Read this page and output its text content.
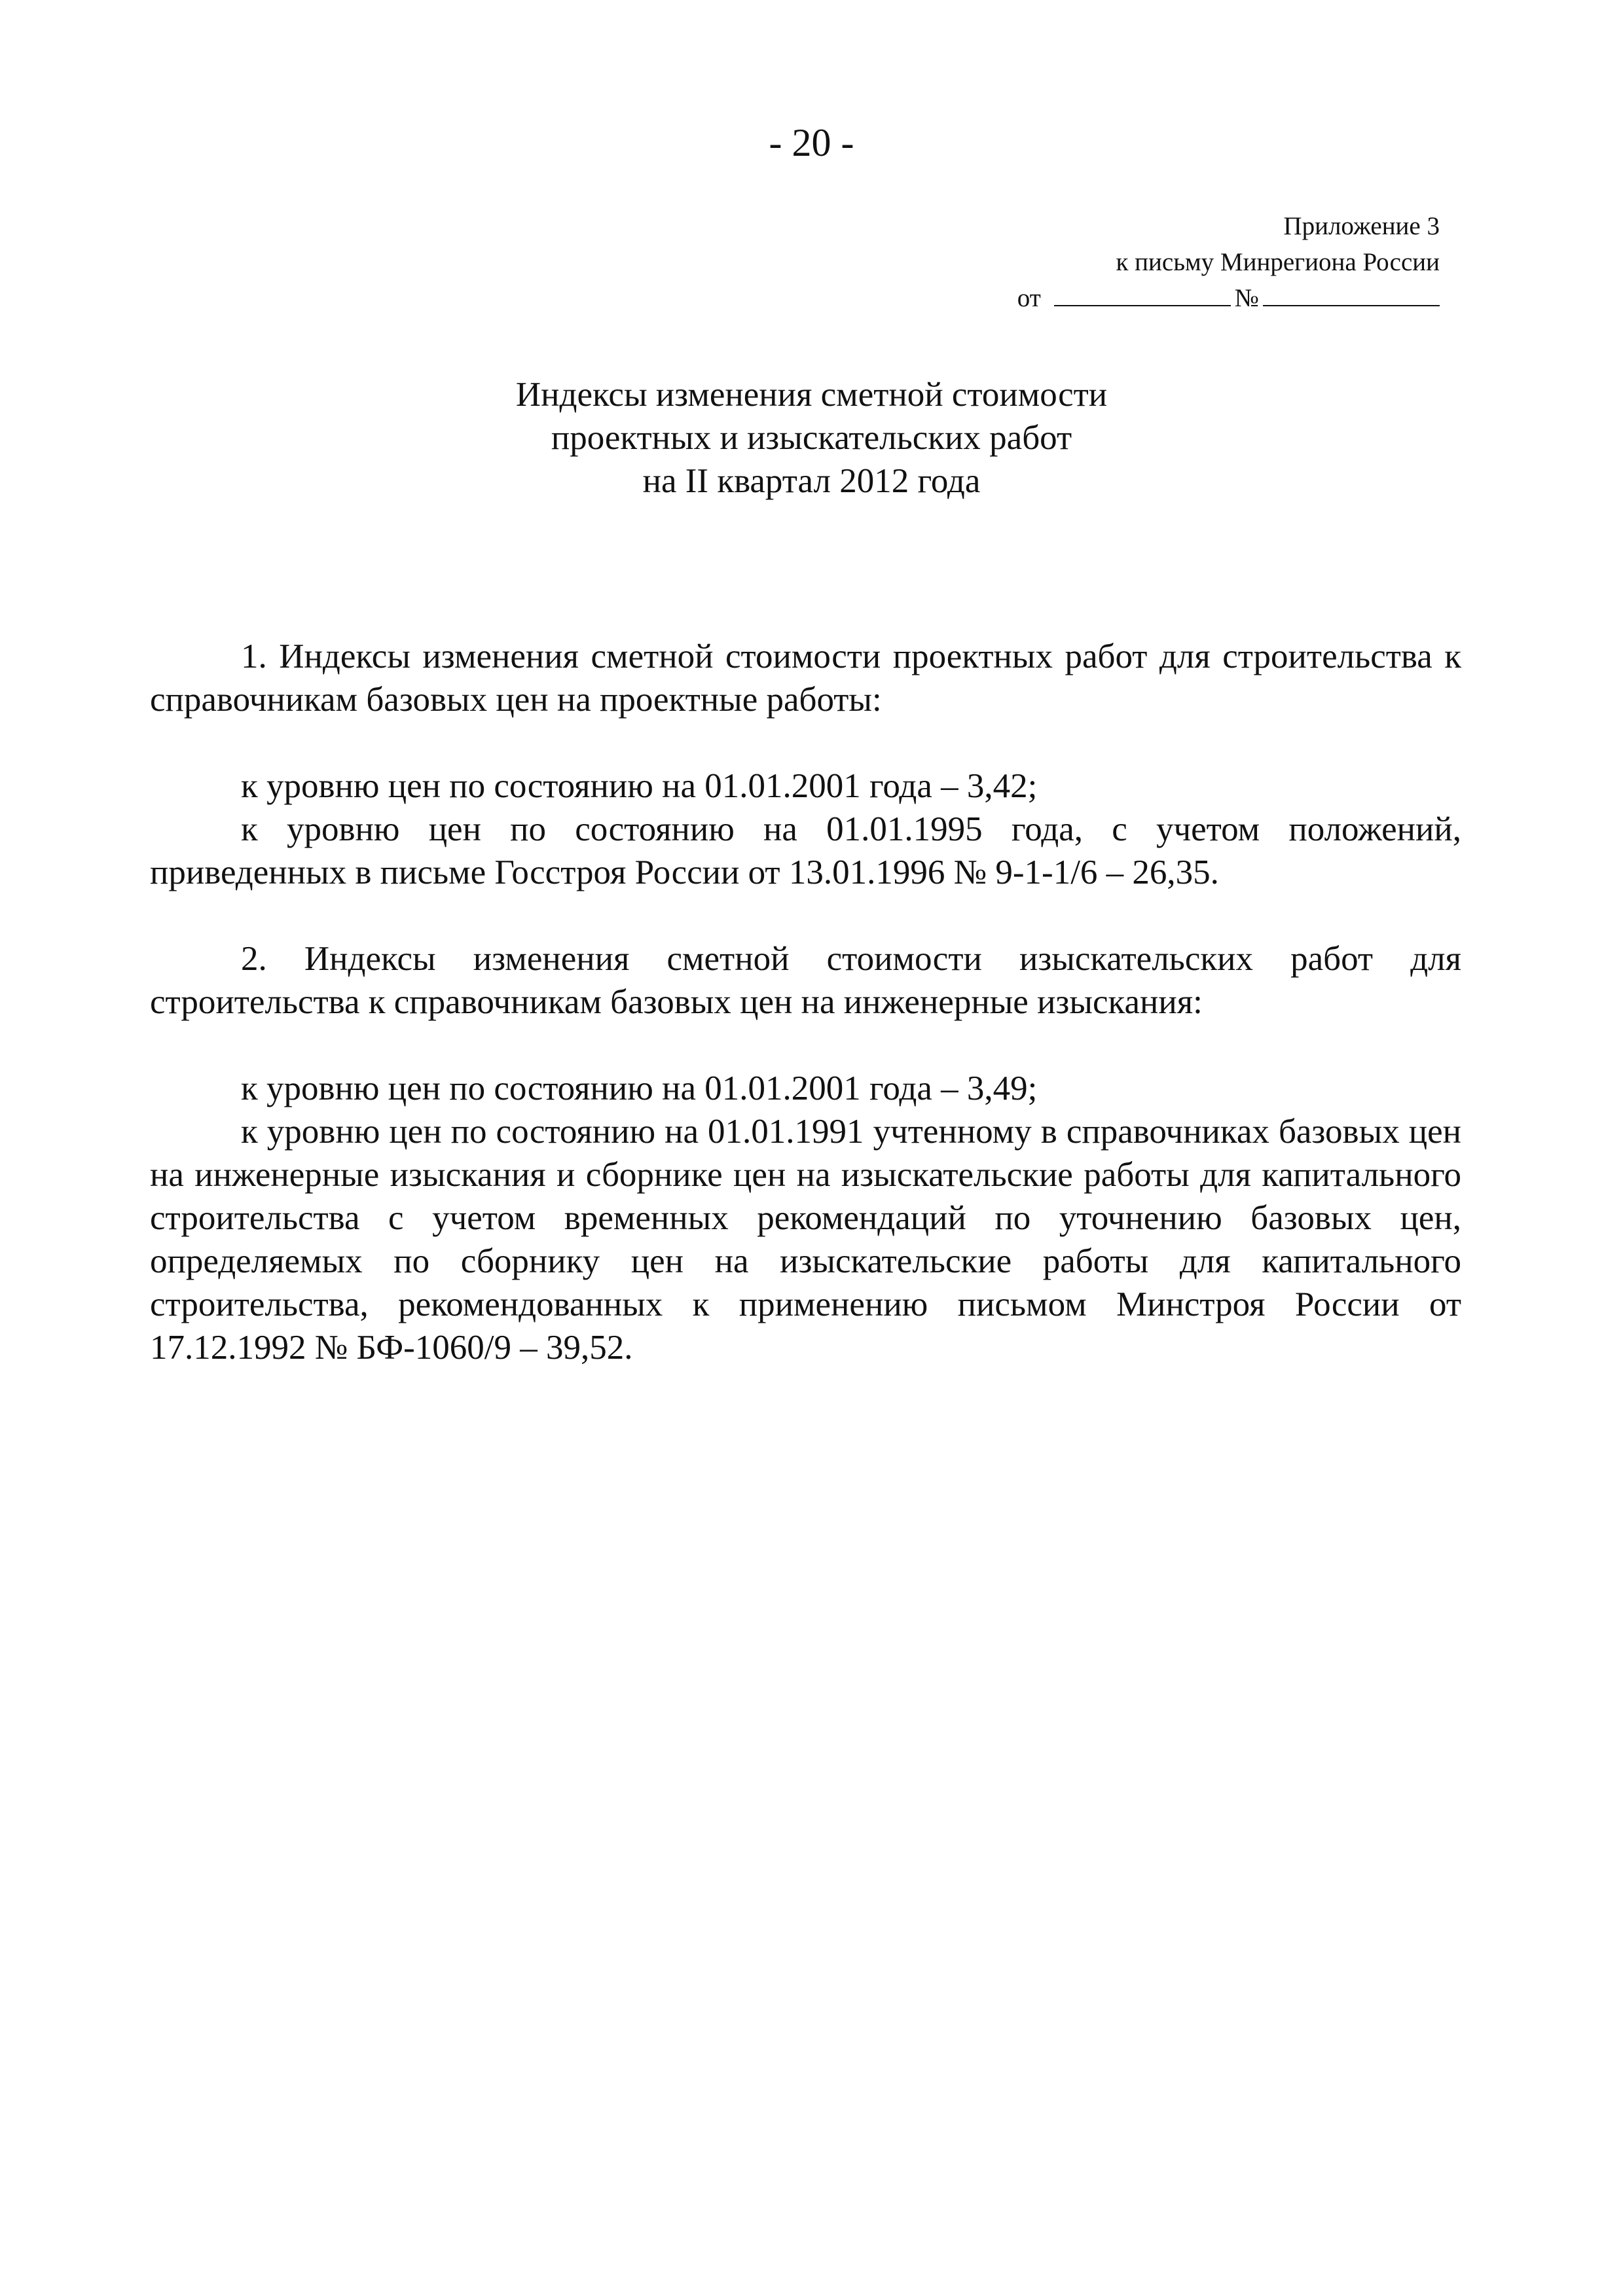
- 20 -
Приложение 3
к письму Минрегиона России
от	№
Индексы изменения сметной стоимости
проектных и изыскательских работ
на II квартал 2012 года

1. Индексы изменения сметной стоимости проектных работ для строительства к справочникам базовых цен на проектные работы:

к уровню цен по состоянию на 01.01.2001 года – 3,42;

к уровню цен по состоянию на 01.01.1995 года, с учетом положений, приведенных в письме Госстроя России от 13.01.1996 № 9-1-1/6 – 26,35.

2. Индексы изменения сметной стоимости изыскательских работ для строительства к справочникам базовых цен на инженерные изыскания:

к уровню цен по состоянию на 01.01.2001 года – 3,49;

к уровню цен по состоянию на 01.01.1991 учтенному в справочниках базовых цен на инженерные изыскания и сборнике цен на изыскательские работы для капитального строительства с учетом временных рекомендаций по уточнению базовых цен, определяемых по сборнику цен на изыскательские работы для капитального строительства, рекомендованных к применению письмом Минстроя России от 17.12.1992 № БФ-1060/9 – 39,52.
